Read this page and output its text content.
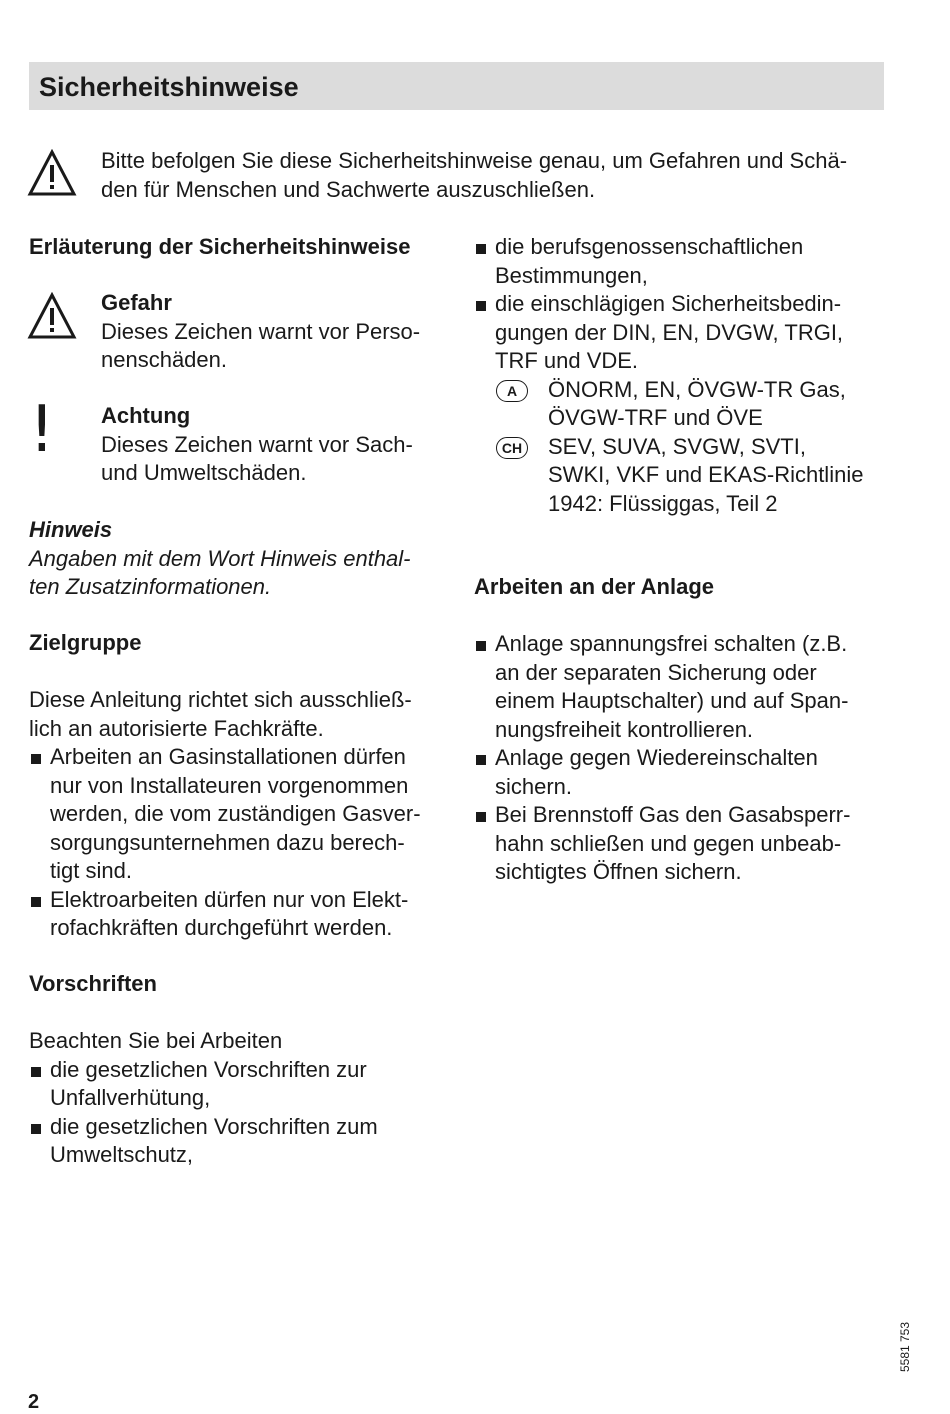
Sicherheitshinweise
Bitte befolgen Sie diese Sicherheitshinweise genau, um Gefahren und Schä-
den für Menschen und Sachwerte auszuschließen.
Erläuterung der Sicherheitshinweise
Gefahr
Dieses Zeichen warnt vor Perso-
nenschäden.
! Achtung
Dieses Zeichen warnt vor Sach-
und Umweltschäden.
Hinweis
Angaben mit dem Wort Hinweis enthal-
ten Zusatzinformationen.
Zielgruppe
Diese Anleitung richtet sich ausschließ-
lich an autorisierte Fachkräfte.
Arbeiten an Gasinstallationen dürfen
nur von Installateuren vorgenommen
werden, die vom zuständigen Gasver-
sorgungsunternehmen dazu berech-
tigt sind.
Elektroarbeiten dürfen nur von Elekt-
rofachkräften durchgeführt werden.
Vorschriften
Beachten Sie bei Arbeiten
die gesetzlichen Vorschriften zur
Unfallverhütung,
die gesetzlichen Vorschriften zum
Umweltschutz,
die berufsgenossenschaftlichen
Bestimmungen,
die einschlägigen Sicherheitsbedin-
gungen der DIN, EN, DVGW, TRGI,
TRF und VDE.
A	ÖNORM, EN, ÖVGW-TR Gas,
ÖVGW-TRF und ÖVE
CH SEV, SUVA, SVGW, SVTI,
SWKI, VKF und EKAS-Richtlinie
1942: Flüssiggas, Teil 2
Arbeiten an der Anlage
Anlage spannungsfrei schalten (z.B.
an der separaten Sicherung oder
einem Hauptschalter) und auf Span-
nungsfreiheit kontrollieren.
Anlage gegen Wiedereinschalten
sichern.
Bei Brennstoff Gas den Gasabsperr-
hahn schließen und gegen unbeab-
sichtigtes Öffnen sichern.
2
5581 753
